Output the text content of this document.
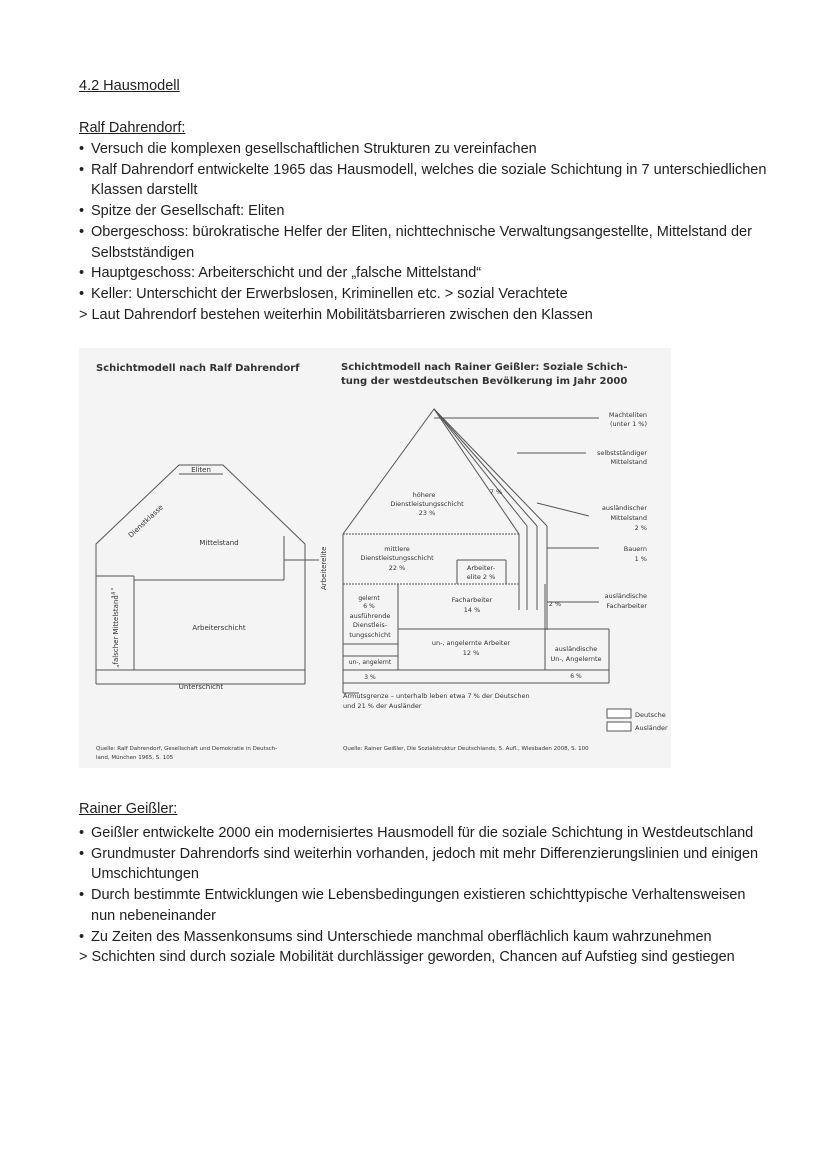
4.2 Hausmodell
Ralf Dahrendorf:
• Versuch die komplexen gesellschaftlichen Strukturen zu vereinfachen
• Ralf Dahrendorf entwickelte 1965 das Hausmodell, welches die soziale Schichtung in 7 unterschiedlichen Klassen darstellt
• Spitze der Gesellschaft: Eliten
• Obergeschoss: bürokratische Helfer der Eliten, nichttechnische Verwaltungsangestellte, Mittelstand der Selbstständigen
• Hauptgeschoss: Arbeiterschicht und der „falsche Mittelstand“
• Keller: Unterschicht der Erwerbslosen, Kriminellen etc. > sozial Verachtete
> Laut Dahrendorf bestehen weiterhin Mobilitätsbarrieren zwischen den Klassen
Schichtmodell nach Ralf Dahrendorf
Eliten
Dienstklasse
Mittelstand
Arbeiterelite
„falscher Mittelstand“	Arbeiterschicht
Unterschicht
Quelle: Ralf Dahrendorf, Gesellschaft und Demokratie in Deutsch-
land, München 1965, S. 105
Schichtmodell nach Rainer Geißler: Soziale Schich-
tung der westdeutschen Bevölkerung im Jahr 2000
Machteliten
(unter 1 %)
selbstständiger
Mittelstand
höhere
Dienstleistungsschicht
23 %
7 %
ausländischer
Mittelstand
2 %
Bauern
1 %
mittlere
Dienstleistungsschicht
22 %	Arbeiter-
elite 2 %
gelernt
6 %
ausführende
Dienstleis-
tungsschicht
Facharbeiter
14 %
2 %
ausländische
Facharbeiter
un-, angelernte Arbeiter
12 %
un-, angelernt
ausländische
Un-, Angelernte
3 %	6 %
Armutsgrenze – unterhalb leben etwa 7 % der Deutschen
und 21 % der Ausländer
Deutsche
Ausländer
Quelle: Rainer Geißler, Die Sozialstruktur Deutschlands, 5. Aufl., Wiesbaden 2008, S. 100
Rainer Geißler:
• Geißler entwickelte 2000 ein modernisiertes Hausmodell für die soziale Schichtung in Westdeutschland
• Grundmuster Dahrendorfs sind weiterhin vorhanden, jedoch mit mehr Differenzierungslinien und einigen Umschichtungen
• Durch bestimmte Entwicklungen wie Lebensbedingungen existieren schichttypische Verhaltensweisen nun nebeneinander
• Zu Zeiten des Massenkonsums sind Unterschiede manchmal oberflächlich kaum wahrzunehmen
> Schichten sind durch soziale Mobilität durchlässiger geworden, Chancen auf Aufstieg sind gestiegen
